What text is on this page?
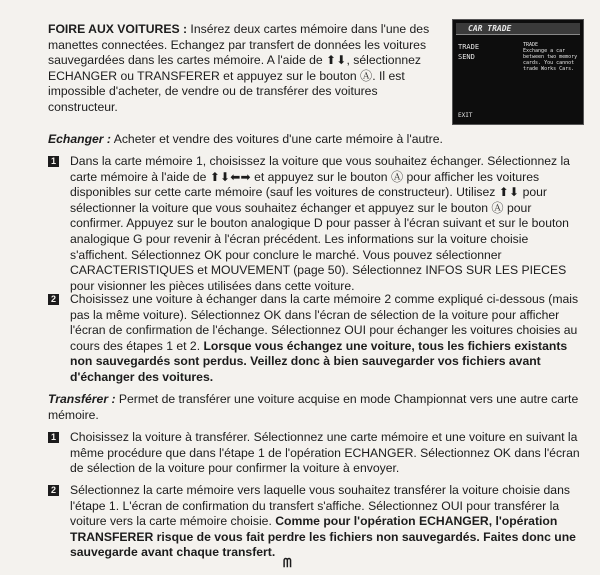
FOIRE AUX VOITURES : Insérez deux cartes mémoire dans l'une des manettes connectées. Echangez par transfert de données les voitures sauvegardées dans les cartes mémoire. A l'aide de ⬆⬇, sélectionnez ECHANGER ou TRANSFERER et appuyez sur le bouton Ⓐ. Il est impossible d'acheter, de vendre ou de transférer des voitures constructeur.

CAR TRADE
TRADE
SEND
TRADE
Exchange a car between two memory cards. You cannot trade Works Cars.
EXIT

Echanger : Acheter et vendre des voitures d'une carte mémoire à l'autre.

1 Dans la carte mémoire 1, choisissez la voiture que vous souhaitez échanger. Sélectionnez la carte mémoire à l'aide de ⬆⬇⬅➡ et appuyez sur le bouton Ⓐ pour afficher les voitures disponibles sur cette carte mémoire (sauf les voitures de constructeur). Utilisez ⬆⬇ pour sélectionner la voiture que vous souhaitez échanger et appuyez sur le bouton Ⓐ pour confirmer. Appuyez sur le bouton analogique D pour passer à l'écran suivant et sur le bouton analogique G pour revenir à l'écran précédent. Les informations sur la voiture choisie s'affichent. Sélectionnez OK pour conclure le marché. Vous pouvez sélectionner CARACTERISTIQUES et MOUVEMENT (page 50). Sélectionnez INFOS SUR LES PIECES pour visionner les pièces utilisées dans cette voiture.
2 Choisissez une voiture à échanger dans la carte mémoire 2 comme expliqué ci-dessous (mais pas la même voiture). Sélectionnez OK dans l'écran de sélection de la voiture pour afficher l'écran de confirmation de l'échange. Sélectionnez OUI pour échanger les voitures choisies au cours des étapes 1 et 2. Lorsque vous échangez une voiture, tous les fichiers existants non sauvegardés sont perdus. Veillez donc à bien sauvegarder vos fichiers avant d'échanger des voitures.

Transférer : Permet de transférer une voiture acquise en mode Championnat vers une autre carte mémoire.

1 Choisissez la voiture à transférer. Sélectionnez une carte mémoire et une voiture en suivant la même procédure que dans l'étape 1 de l'opération ECHANGER. Sélectionnez OK dans l'écran de sélection de la voiture pour confirmer la voiture à envoyer.
2 Sélectionnez la carte mémoire vers laquelle vous souhaitez transférer la voiture choisie dans l'étape 1. L'écran de confirmation du transfert s'affiche. Sélectionnez OUI pour transférer la voiture vers la carte mémoire choisie. Comme pour l'opération ECHANGER, l'opération TRANSFERER risque de vous fait perdre les fichiers non sauvegardés. Faites donc une sauvegarde avant chaque transfert.
ᗰ
